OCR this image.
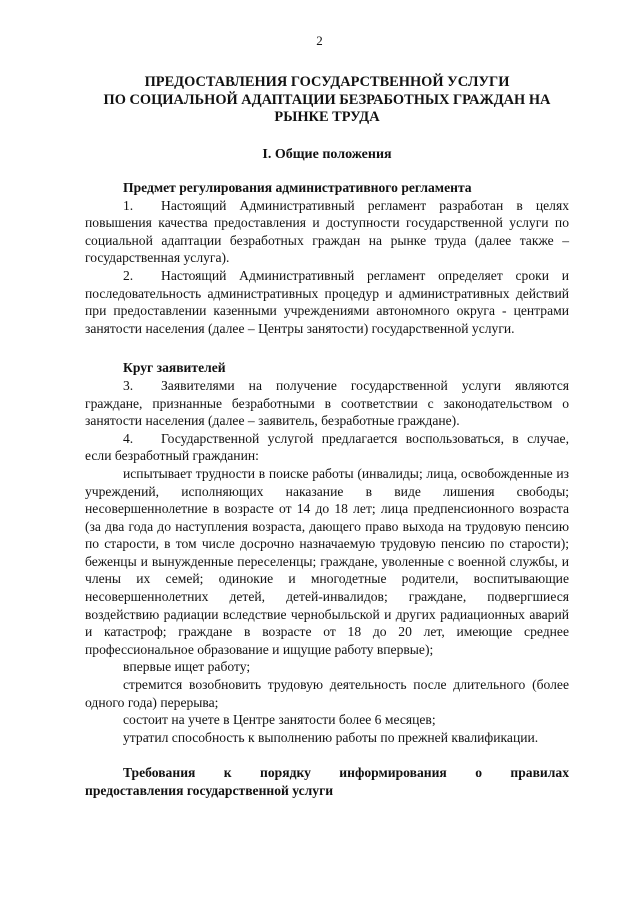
2
ПРЕДОСТАВЛЕНИЯ ГОСУДАРСТВЕННОЙ УСЛУГИ
ПО СОЦИАЛЬНОЙ АДАПТАЦИИ БЕЗРАБОТНЫХ ГРАЖДАН НА
РЫНКЕ ТРУДА
I. Общие положения

Предмет регулирования административного регламента

1. Настоящий Административный регламент разработан в целях повышения качества предоставления и доступности государственной услуги по социальной адаптации безработных граждан на рынке труда (далее также – государственная услуга).

2. Настоящий Административный регламент определяет сроки и последовательность административных процедур и административных действий при предоставлении казенными учреждениями автономного округа - центрами занятости населения (далее – Центры занятости) государственной услуги.

Круг заявителей

3. Заявителями на получение государственной услуги являются граждане, признанные безработными в соответствии с законодательством о занятости населения (далее – заявитель, безработные граждане).

4. Государственной услугой предлагается воспользоваться, в случае, если безработный гражданин:

испытывает трудности в поиске работы (инвалиды; лица, освобожденные из учреждений, исполняющих наказание в виде лишения свободы; несовершеннолетние в возрасте от 14 до 18 лет; лица предпенсионного возраста (за два года до наступления возраста, дающего право выхода на трудовую пенсию по старости, в том числе досрочно назначаемую трудовую пенсию по старости); беженцы и вынужденные переселенцы; граждане, уволенные с военной службы, и члены их семей; одинокие и многодетные родители, воспитывающие несовершеннолетних детей, детей-инвалидов; граждане, подвергшиеся воздействию радиации вследствие чернобыльской и других радиационных аварий и катастроф; граждане в возрасте от 18 до 20 лет, имеющие среднее профессиональное образование и ищущие работу впервые);

впервые ищет работу;

стремится возобновить трудовую деятельность после длительного (более одного года) перерыва;

состоит на учете в Центре занятости более 6 месяцев;

утратил способность к выполнению работы по прежней квалификации.

Требования к порядку информирования о правилах

предоставления государственной услуги
